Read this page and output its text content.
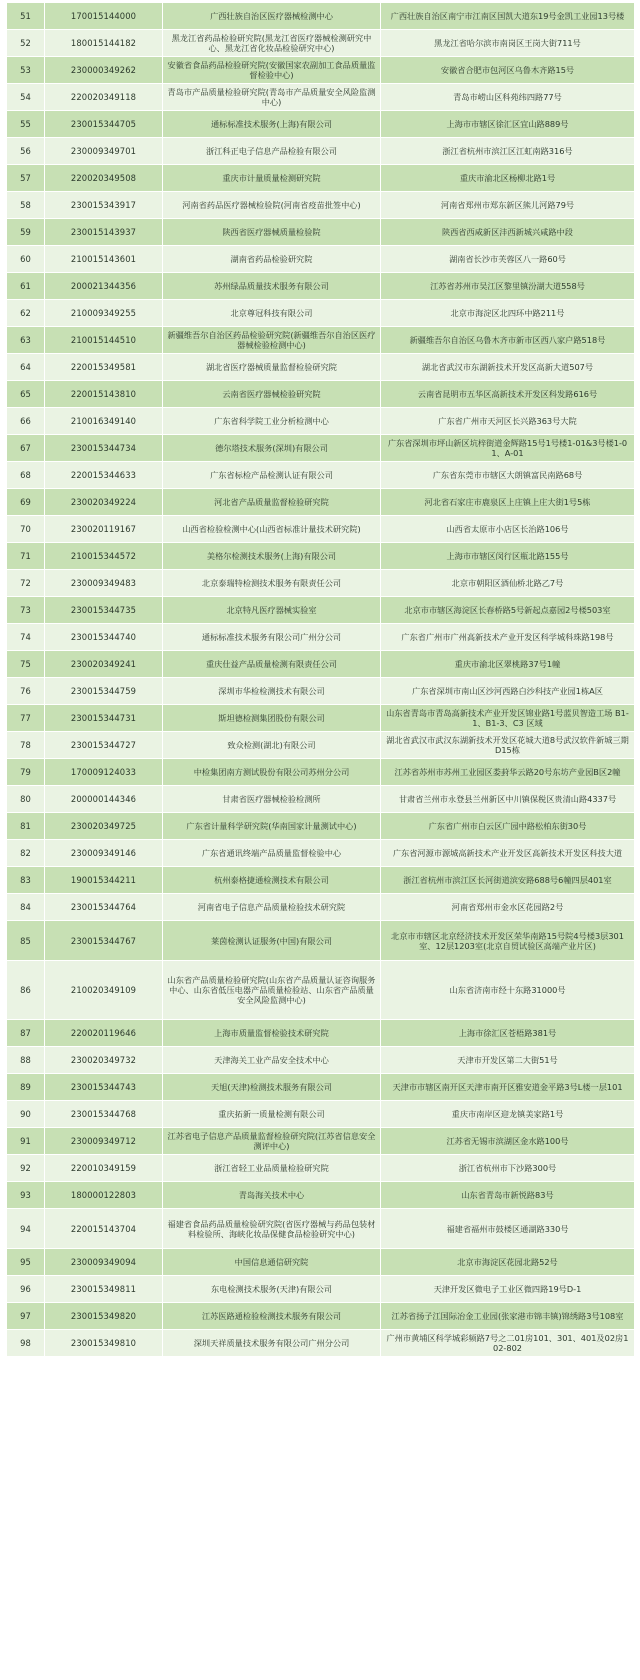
51	170015144000	广西壮族自治区医疗器械检测中心	广西壮族自治区南宁市江南区国凯大道东19号金凯工业园13号楼
52	180015144182	黑龙江省药品检验研究院(黑龙江省医疗器械检测研究中心、黑龙江省化妆品检验研究中心)	黑龙江省哈尔滨市南岗区王岗大街711号
53	230000349262	安徽省食品药品检验研究院(安徽国家农副加工食品质量监督检验中心)	安徽省合肥市包河区乌鲁木齐路15号
54	220020349118	青岛市产品质量检验研究院(青岛市产品质量安全风险监测中心)	青岛市崂山区科苑纬四路77号
55	230015344705	通标标准技术服务(上海)有限公司	上海市市辖区徐汇区宜山路889号
56	230009349701	浙江科正电子信息产品检验有限公司	浙江省杭州市滨江区江虹南路316号
57	220020349508	重庆市计量质量检测研究院	重庆市渝北区杨柳北路1号
58	230015343917	河南省药品医疗器械检验院(河南省疫苗批签中心)	河南省郑州市郑东新区熊儿河路79号
59	230015143937	陕西省医疗器械质量检验院	陕西省西咸新区沣西新城兴咸路中段
60	210015143601	湖南省药品检验研究院	湖南省长沙市芙蓉区八一路60号
61	200021344356	苏州绿品质量技术服务有限公司	江苏省苏州市吴江区黎里镇汾湖大道558号
62	210009349255	北京尊冠科技有限公司	北京市海淀区北四环中路211号
63	210015144510	新疆维吾尔自治区药品检验研究院(新疆维吾尔自治区医疗器械检验检测中心)	新疆维吾尔自治区乌鲁木齐市新市区西八家户路518号
64	220015349581	湖北省医疗器械质量监督检验研究院	湖北省武汉市东湖新技术开发区高新大道507号
65	220015143810	云南省医疗器械检验研究院	云南省昆明市五华区高新技术开发区科发路616号
66	210016349140	广东省科学院工业分析检测中心	广东省广州市天河区长兴路363号大院
67	230015344734	德尔塔技术服务(深圳)有限公司	广东省深圳市坪山新区坑梓街道金辉路15号1号楼1-01&3号楼1-01、A-01
68	220015344633	广东省标检产品检测认证有限公司	广东省东莞市市辖区大朗镇富民南路68号
69	230020349224	河北省产品质量监督检验研究院	河北省石家庄市鹿泉区上庄镇上庄大街1号5栋
70	230020119167	山西省检验检测中心(山西省标准计量技术研究院)	山西省太原市小店区长治路106号
71	210015344572	美格尔检测技术服务(上海)有限公司	上海市市辖区闵行区瓶北路155号
72	230009349483	北京泰瑞特检测技术服务有限责任公司	北京市朝阳区酒仙桥北路乙7号
73	230015344735	北京特凡医疗器械实验室	北京市市辖区海淀区长春桥路5号新起点嘉园2号楼503室
74	230015344740	通标标准技术服务有限公司广州分公司	广东省广州市广州高新技术产业开发区科学城科珠路198号
75	230020349241	重庆仕益产品质量检测有限责任公司	重庆市渝北区翠桃路37号1幢
76	230015344759	深圳市华检检测技术有限公司	广东省深圳市南山区沙河西路白沙科技产业园1栋A区
77	230015344731	斯坦德检测集团股份有限公司	山东省青岛市青岛高新技术产业开发区锦业路1号蓝贝智造工场 B1-1、B1-3、C3 区域
78	230015344727	致众检测(湖北)有限公司	湖北省武汉市武汉东湖新技术开发区花城大道8号武汉软件新城三期D15栋
79	170009124033	中检集团南方测试股份有限公司苏州分公司	江苏省苏州市苏州工业园区娄葑华云路20号东坊产业园B区2幢
80	200000144346	甘肃省医疗器械检验检测所	甘肃省兰州市永登县兰州新区中川镇保税区贵清山路4337号
81	230020349725	广东省计量科学研究院(华南国家计量测试中心)	广东省广州市白云区广园中路松柏东街30号
82	230009349146	广东省通讯终端产品质量监督检验中心	广东省河源市源城高新技术产业开发区高新技术开发区科技大道
83	190015344211	杭州泰格捷通检测技术有限公司	浙江省杭州市滨江区长河街道滨安路688号6幢四层401室
84	230015344764	河南省电子信息产品质量检验技术研究院	河南省郑州市金水区花园路2号
85	230015344767	莱茵检测认证服务(中国)有限公司	北京市市辖区北京经济技术开发区荣华南路15号院4号楼3层301室、12层1203室(北京自贸试验区高端产业片区)
86	210020349109	山东省产品质量检验研究院(山东省产品质量认证咨询服务中心、山东省低压电器产品质量检验站、山东省产品质量安全风险监测中心)	山东省济南市经十东路31000号
87	220020119646	上海市质量监督检验技术研究院	上海市徐汇区苍梧路381号
88	230020349732	天津海关工业产品安全技术中心	天津市开发区第二大街51号
89	230015344743	天旭(天津)检测技术服务有限公司	天津市市辖区南开区天津市南开区雅安道金平路3号L楼一层101
90	230015344768	重庆拓新一质量检测有限公司	重庆市南岸区迎龙镇美家路1号
91	230009349712	江苏省电子信息产品质量监督检验研究院(江苏省信息安全测评中心)	江苏省无锡市滨湖区金水路100号
92	220010349159	浙江省轻工业品质量检验研究院	浙江省杭州市下沙路300号
93	180000122803	青岛海关技术中心	山东省青岛市新悦路83号
94	220015143704	福建省食品药品质量检验研究院(省医疗器械与药品包装材料检验所、海峡化妆品保健食品检验研究中心)	福建省福州市鼓楼区通湖路330号
95	230009349094	中国信息通信研究院	北京市海淀区花园北路52号
96	230015349811	东电检测技术服务(天津)有限公司	天津开发区微电子工业区微四路19号D-1
97	230015349820	江苏医路通检验检测技术服务有限公司	江苏省扬子江国际冶金工业园(张家港市锦丰镇)锦绣路3号108室
98	230015349810	深圳天祥质量技术服务有限公司广州分公司	广州市黄埔区科学城彩频路7号之二01房101、301、401及02房102-802
